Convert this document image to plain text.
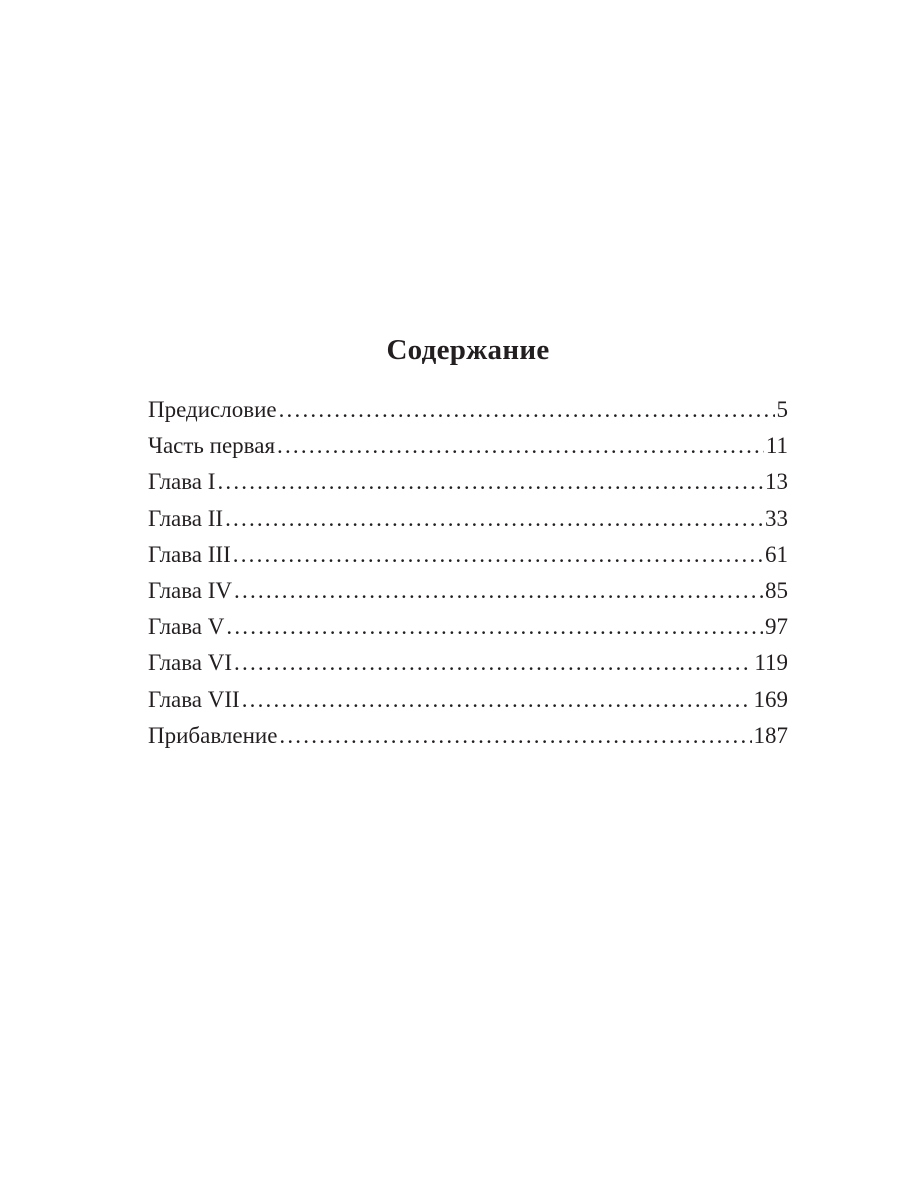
Содержание
Предисловие .....	5
Часть первая .....	11
Глава I .....	13
Глава II .....	33
Глава III .....	61
Глава IV .....	85
Глава V .....	97
Глава VI .....	119
Глава VII .....	169
Прибавление .....	187
